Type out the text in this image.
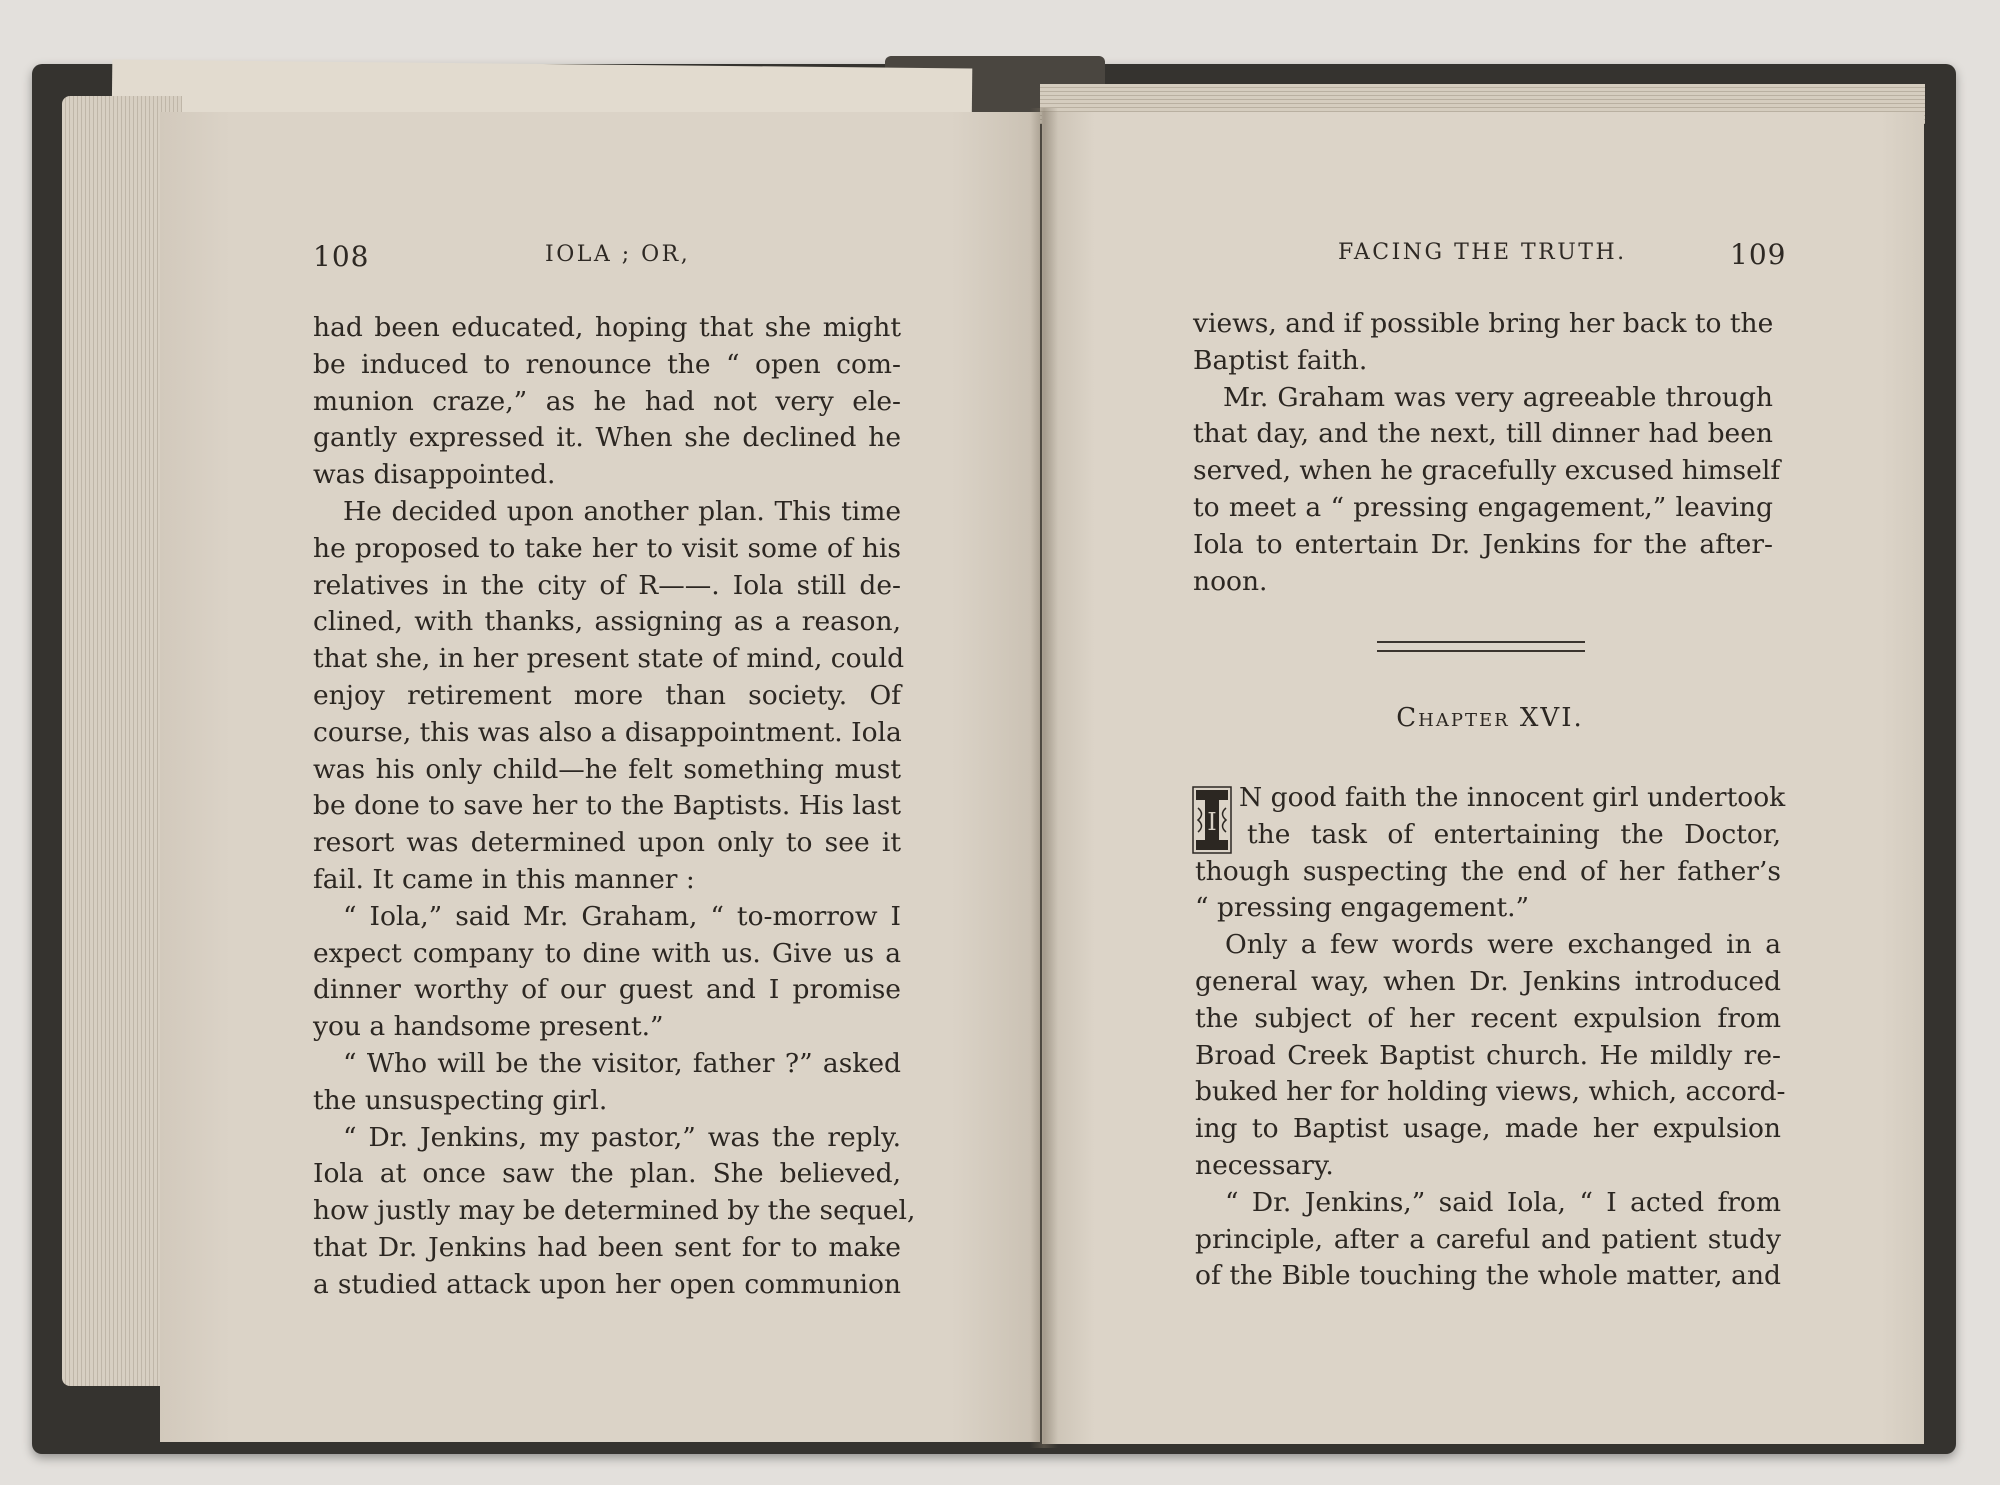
108	IOLA ; OR,	FACING THE TRUTH.	109
had been educated, hoping that she might
be induced to renounce the “ open com-
munion craze,” as he had not very ele-
gantly expressed it. When she declined he
was disappointed.
He decided upon another plan. This time
he proposed to take her to visit some of his
relatives in the city of R——. Iola still de-
clined, with thanks, assigning as a reason,
that she, in her present state of mind, could
enjoy retirement more than society. Of
course, this was also a disappointment. Iola
was his only child—he felt something must
be done to save her to the Baptists. His last
resort was determined upon only to see it
fail. It came in this manner :
“ Iola,” said Mr. Graham, “ to-morrow I
expect company to dine with us. Give us a
dinner worthy of our guest and I promise
you a handsome present.”
“ Who will be the visitor, father ?” asked
the unsuspecting girl.
“ Dr. Jenkins, my pastor,” was the reply.
Iola at once saw the plan. She believed,
how justly may be determined by the sequel,
that Dr. Jenkins had been sent for to make
a studied attack upon her open communion
views, and if possible bring her back to the
Baptist faith.
Mr. Graham was very agreeable through
that day, and the next, till dinner had been
served, when he gracefully excused himself
to meet a “ pressing engagement,” leaving
Iola to entertain Dr. Jenkins for the after-
noon.
Chapter XVI.
I
N good faith the innocent girl undertook
the task of entertaining the Doctor,
though suspecting the end of her father’s
“ pressing engagement.”
Only a few words were exchanged in a
general way, when Dr. Jenkins introduced
the subject of her recent expulsion from
Broad Creek Baptist church. He mildly re-
buked her for holding views, which, accord-
ing to Baptist usage, made her expulsion
necessary.
“ Dr. Jenkins,” said Iola, “ I acted from
principle, after a careful and patient study
of the Bible touching the whole matter, and
